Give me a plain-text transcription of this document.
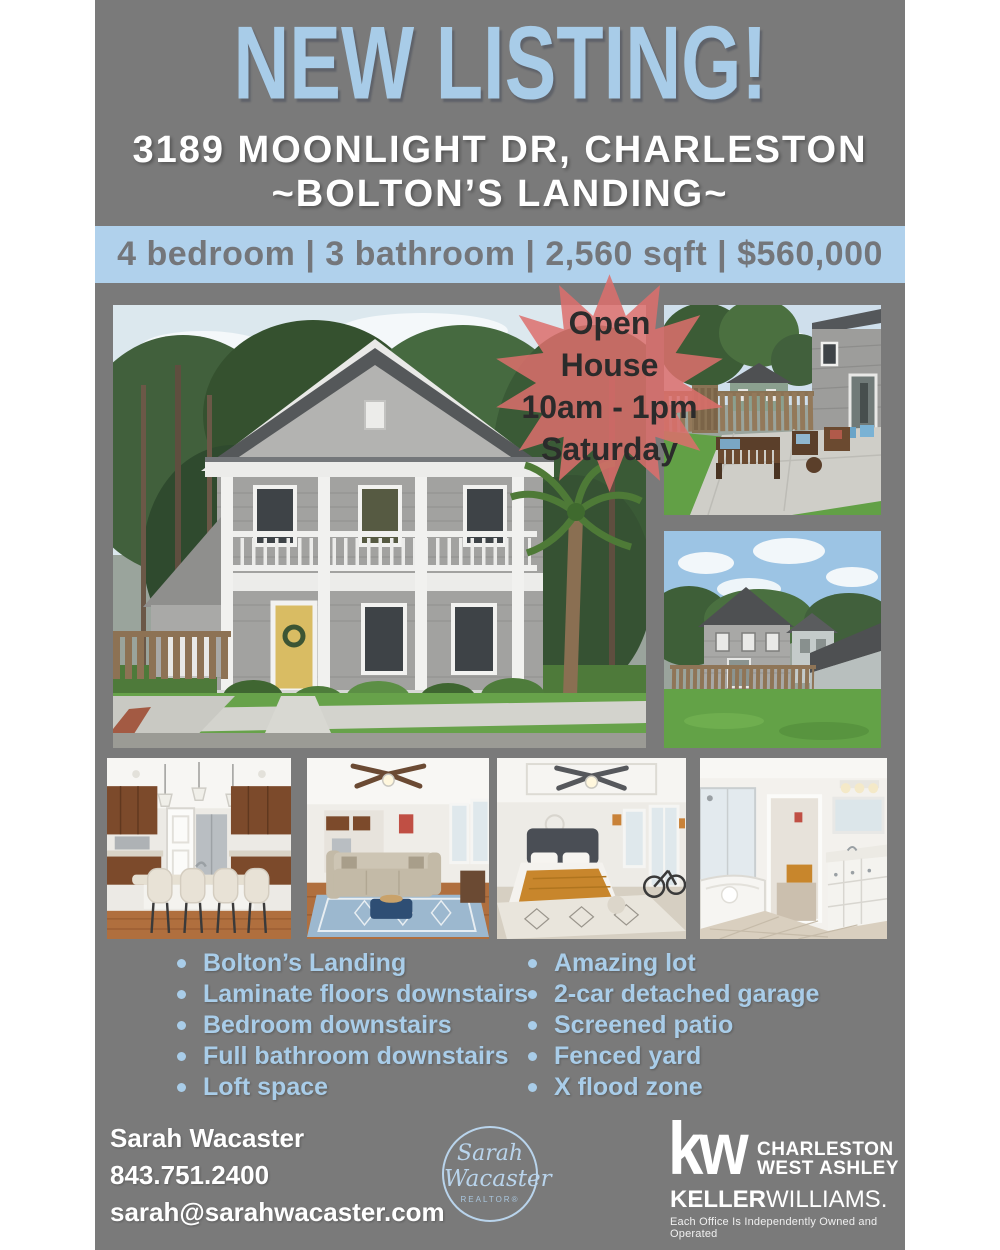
NEW LISTING!
3189 MOONLIGHT DR, CHARLESTON
~BOLTON’S LANDING~
4 bedroom | 3 bathroom | 2,560 sqft | $560,000
Open
House
10am - 1pm
Saturday
Bolton’s Landing
Laminate floors downstairs
Bedroom downstairs
Full bathroom downstairs
Loft space
Amazing lot
2-car detached garage
Screened patio
Fenced yard
X flood zone
Sarah Wacaster
843.751.2400
sarah@sarahwacaster.com
Sarah
Wacaster
REALTOR®
kw CHARLESTON
WEST ASHLEY
KELLERWILLIAMS.
Each Office Is Independently Owned and Operated
